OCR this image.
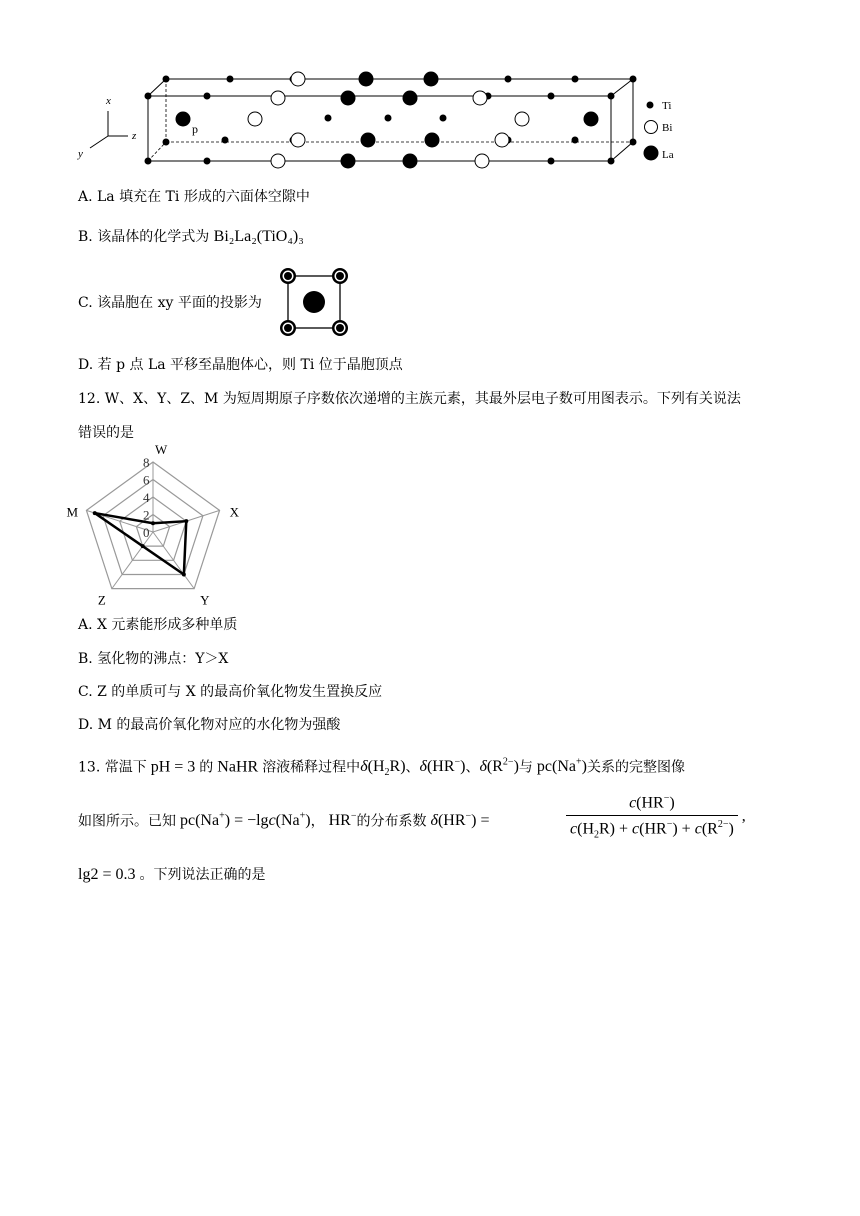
x
z
y
p
Ti
Bi
La
A. La 填充在 Ti 形成的六面体空隙中
B. 该晶体的化学式为 Bi₂La₂(TiO₄)₃
C. 该晶胞在 xy 平面的投影为
D. 若 p 点 La 平移至晶胞体心，则 Ti 位于晶胞顶点
12. W、X、Y、Z、M 为短周期原子序数依次递增的主族元素，其最外层电子数可用图表示。下列有关说法
错误的是
8
6
4
2
0
W
X
Y
Z
M
A. X 元素能形成多种单质
B. 氢化物的沸点：Y＞X
C. Z 的单质可与 X 的最高价氧化物发生置换反应
D. M 的最高价氧化物对应的水化物为强酸
13. 常温下 pH = 3 的 NaHR 溶液稀释过程中$\delta(H_2R)$、δ(HR−)、$\delta(R^{2-})$与 pc(Na+)关系的完整图像
如图所示。已知 pc(Na+) = −lgc(Na+)， HR−的分布系数 δ(HR−) =	$\frac{c(HR^-)}{c(H_2R) + c(HR^-) + c(R^{2-})}$ ,
lg2 = 0.3 。下列说法正确的是
